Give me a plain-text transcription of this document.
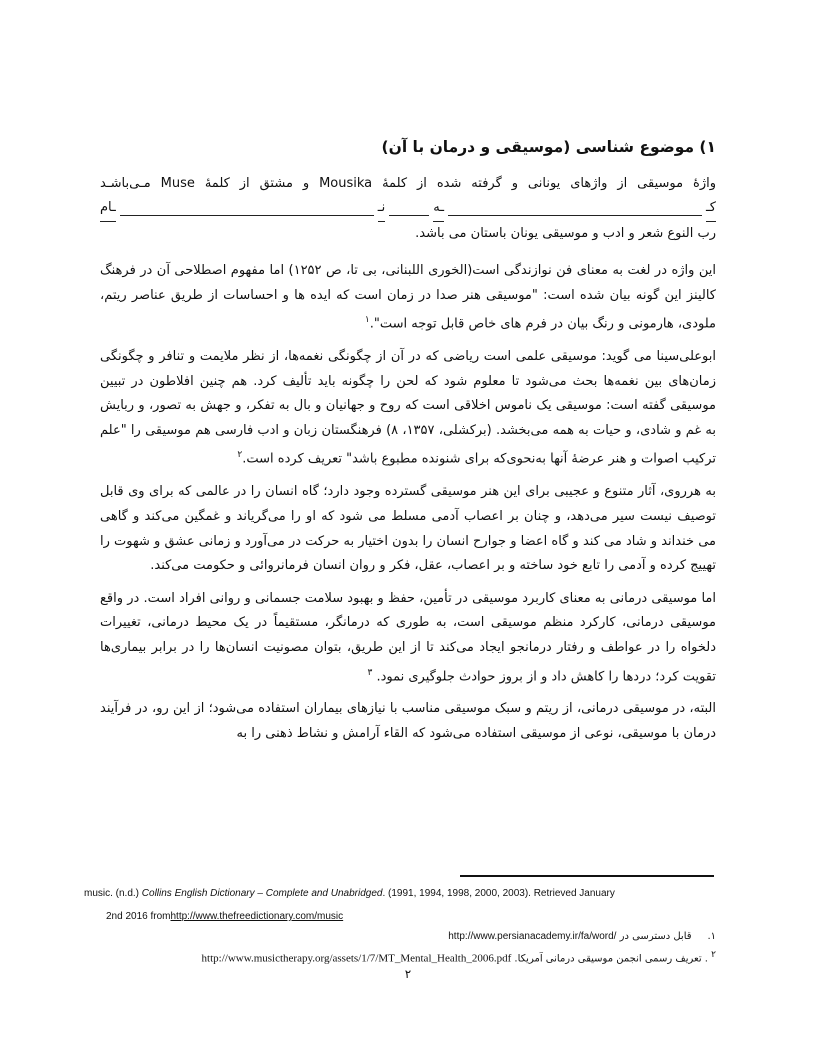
۱) موضوع شناسی (موسیقی و درمان با آن)
واژهٔ موسیقی از واژهای یونانی و گرفته شده از کلمهٔ Mousika و مشتق از کلمهٔ Muse مـی‌باشـد
کـ
ـه
نـ
ـام
رب النوع شعر و ادب و موسیقی یونان باستان می باشد.

این واژه در لغت به معنای فن نوازندگی است(الخوری اللبنانی، بی تا، ص ۱۲۵۲) اما مفهوم اصطلاحی آن در فرهنگ کالینز این گونه بیان شده است: "موسیقی هنر صدا در زمان است که ایده ها و احساسات از طریق عناصر ریتم، ملودی، هارمونی و رنگ بیان در فرم های خاص قابل توجه است".$^۱$

ابوعلی‌سینا می گوید: موسیقی علمی است ریاضی که در آن از چگونگی نغمه‌ها، از نظر ملایمت و تنافر و چگونگی زمان‌های بین نغمه‌ها بحث می‌شود تا معلوم شود که لحن را چگونه باید تألیف کرد. هم چنین افلاطون در تبیین موسیقی گفته است: موسیقی یک ناموس اخلاقی است که روح و جهانیان و بال به تفکر، و جهش به تصور، و ربایش به غم و شادی، و حیات به همه می‌بخشد. (برکشلی، ۱۳۵۷، ۸) فرهنگستان زبان و ادب فارسی هم موسیقی را "علم ترکیب اصوات و هنر عرضهٔ آنها به‌نحوی‌که برای شنونده مطبوع باشد" تعریف کرده است.$^۲$

به هرروی، آثار متنوع و عجیبی برای این هنر موسیقی گسترده وجود دارد؛ گاه انسان را در عالمی که برای وی قابل توصیف نیست سیر می‌دهد، و چنان بر اعصاب آدمی مسلط می شود که او را می‌گریاند و غمگین می‌کند و گاهی می خنداند و شاد می کند و گاه اعضا و جوارح انسان را بدون اختیار به حرکت در می‌آورد و زمانی عشق و شهوت را تهییج کرده و آدمی را تابع خود ساخته و بر اعصاب، عقل، فکر و روان انسان فرمانروائی و حکومت می‌کند.

اما موسیقی درمانی به معنای کاربرد موسیقی در تأمین، حفظ و بهبود سلامت جسمانی و روانی افراد است. در واقع موسیقی درمانی، کارکرد منظم موسیقی است، به طوری که درمانگر، مستقیماً در یک محیط درمانی، تغییرات دلخواه را در عواطف و رفتار درمانجو ایجاد می‌کند تا از این طریق، بتوان مصونیت انسان‌ها را در برابر بیماری‌ها تقویت کرد؛ دردها را کاهش داد و از بروز حوادث جلوگیری نمود. $^۳$

البته، در موسیقی درمانی، از ریتم و سبک موسیقی مناسب با نیازهای بیماران استفاده می‌شود؛ از این رو، در فرآیند درمان با موسیقی، نوعی از موسیقی استفاده می‌شود که القاء آرامش و نشاط ذهنی را به

music. (n.d.) Collins English Dictionary – Complete and Unabridged. (1991, 1994, 1998, 2000, 2003). Retrieved January
2nd 2016 fromhttp://www.thefreedictionary.com/music
۱.     قابل دسترسی در http://www.persianacademy.ir/fa/word/
۲ . تعریف رسمی انجمن موسیقی درمانی آمریکا. http://www.musictherapy.org/assets/1/7/MT_Mental_Health_2006.pdf
۲
